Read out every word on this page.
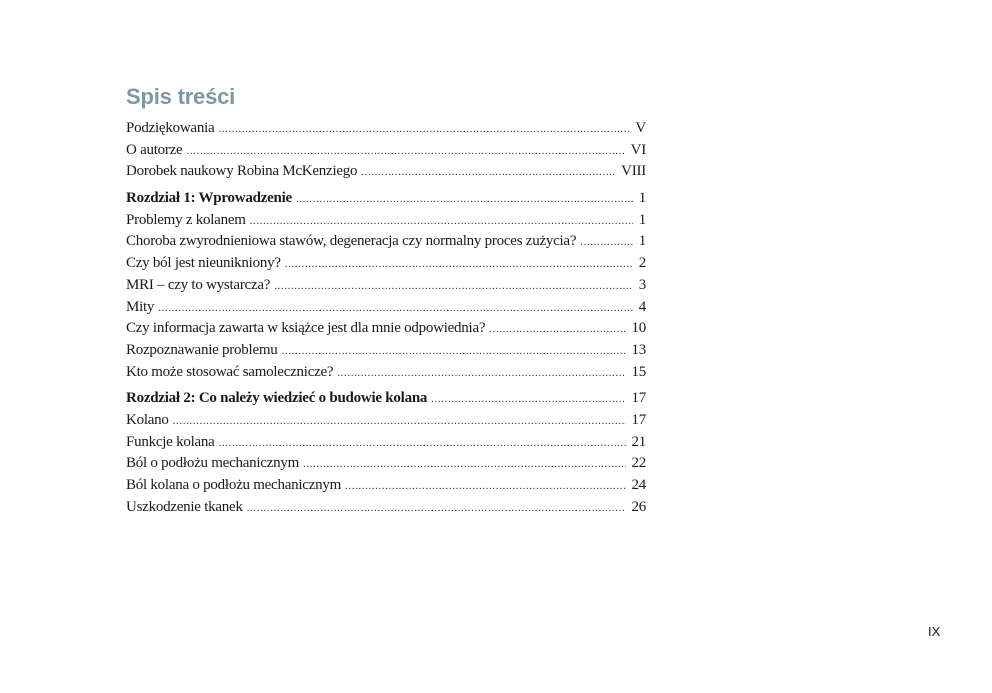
Spis treści
Podziękowania .....	V
O autorze .....	VI
Dorobek naukowy Robina McKenziego .....	VIII
Rozdział 1: Wprowadzenie .....	1
Problemy z kolanem .....	1
Choroba zwyrodnieniowa stawów, degeneracja czy normalny proces zużycia? .....	1
Czy ból jest nieunikniony? .....	2
MRI – czy to wystarcza? .....	3
Mity .....	4
Czy informacja zawarta w książce jest dla mnie odpowiednia? .....	10
Rozpoznawanie problemu .....	13
Kto może stosować samolecznicze? .....	15
Rozdział 2: Co należy wiedzieć o budowie kolana .....	17
Kolano .....	17
Funkcje kolana .....	21
Ból o podłożu mechanicznym .....	22
Ból kolana o podłożu mechanicznym .....	24
Uszkodzenie tkanek .....	26
IX
